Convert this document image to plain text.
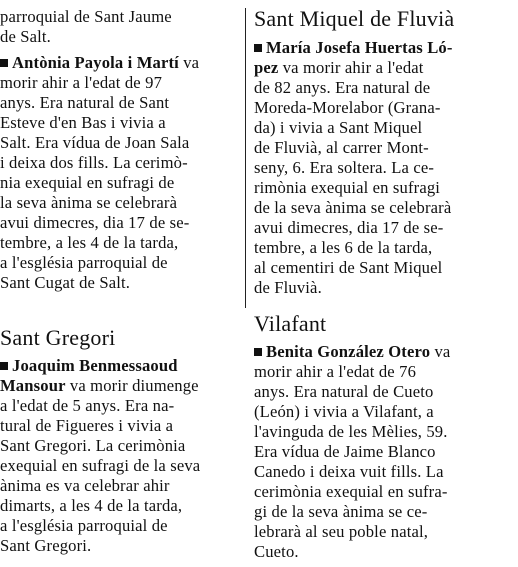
parroquial de Sant Jaume
de Salt.
Antònia Payola i Martí va
morir ahir a l'edat de 97
anys. Era natural de Sant
Esteve d'en Bas i vivia a
Salt. Era vídua de Joan Sala
i deixa dos fills. La cerimò-
nia exequial en sufragi de
la seva ànima se celebrarà
avui dimecres, dia 17 de se-
tembre, a les 4 de la tarda,
a l'església parroquial de
Sant Cugat de Salt.
Sant Gregori
Joaquim Benmessaoud
Mansour va morir diumenge
a l'edat de 5 anys. Era na-
tural de Figueres i vivia a
Sant Gregori. La cerimònia
exequial en sufragi de la seva
ànima es va celebrar ahir
dimarts, a les 4 de la tarda,
a l'església parroquial de
Sant Gregori.
Sant Miquel de Fluvià
María Josefa Huertas Ló-
pez va morir ahir a l'edat
de 82 anys. Era natural de
Moreda-Morelabor (Grana-
da) i vivia a Sant Miquel
de Fluvià, al carrer Mont-
seny, 6. Era soltera. La ce-
rimònia exequial en sufragi
de la seva ànima se celebrarà
avui dimecres, dia 17 de se-
tembre, a les 6 de la tarda,
al cementiri de Sant Miquel
de Fluvià.
Vilafant
Benita González Otero va
morir ahir a l'edat de 76
anys. Era natural de Cueto
(León) i vivia a Vilafant, a
l'avinguda de les Mèlies, 59.
Era vídua de Jaime Blanco
Canedo i deixa vuit fills. La
cerimònia exequial en sufra-
gi de la seva ànima se ce-
lebrarà al seu poble natal,
Cueto.
